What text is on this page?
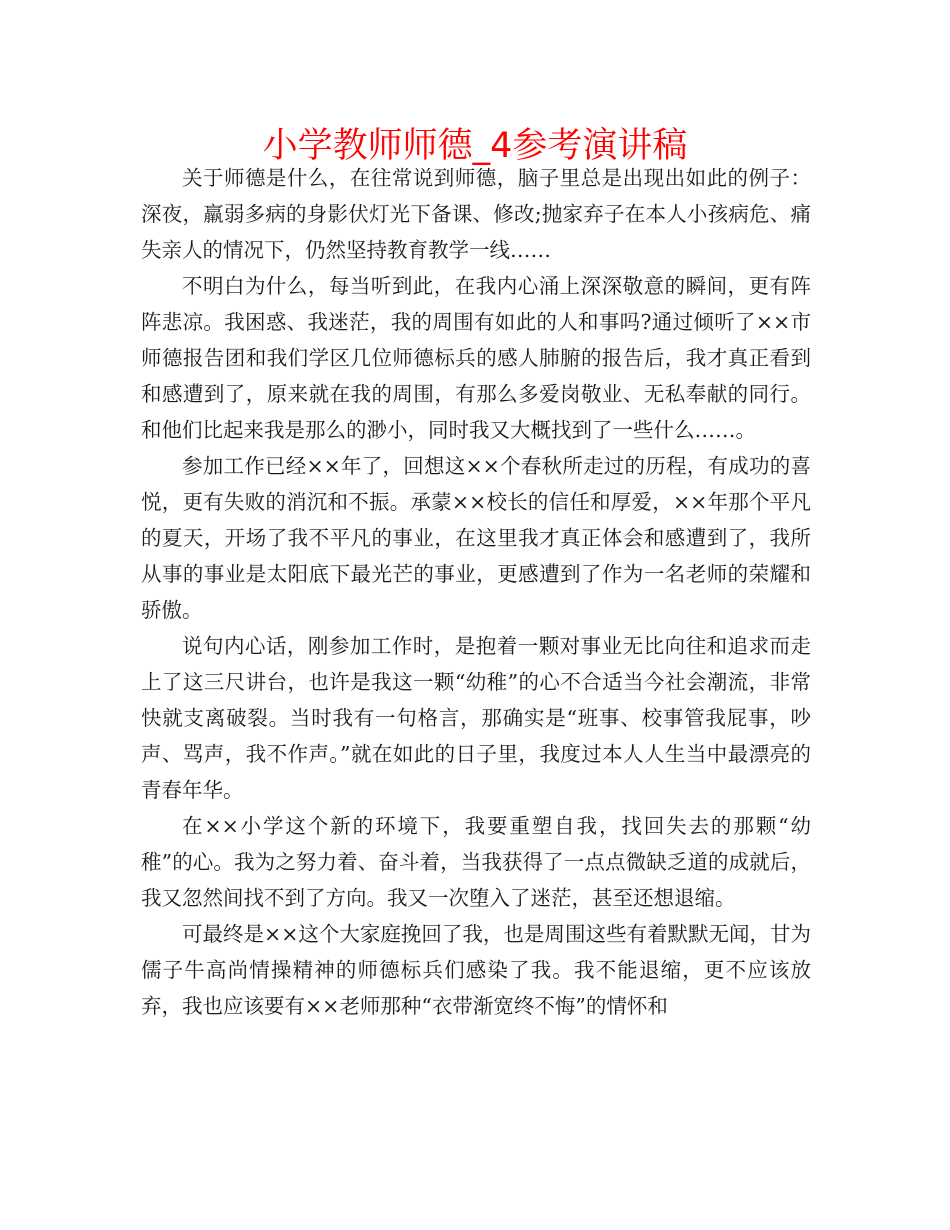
小学教师师德_4参考演讲稿

关于师德是什么，在往常说到师德，脑子里总是出现出如此的例子：深夜，羸弱多病的身影伏灯光下备课、修改;抛家弃子在本人小孩病危、痛失亲人的情况下，仍然坚持教育教学一线……

不明白为什么，每当听到此，在我内心涌上深深敬意的瞬间，更有阵阵悲凉。我困惑、我迷茫，我的周围有如此的人和事吗?通过倾听了××市师德报告团和我们学区几位师德标兵的感人肺腑的报告后，我才真正看到和感遭到了，原来就在我的周围，有那么多爱岗敬业、无私奉献的同行。和他们比起来我是那么的渺小，同时我又大概找到了一些什么……。

参加工作已经××年了，回想这××个春秋所走过的历程，有成功的喜悦，更有失败的消沉和不振。承蒙××校长的信任和厚爱，××年那个平凡的夏天，开场了我不平凡的事业，在这里我才真正体会和感遭到了，我所从事的事业是太阳底下最光芒的事业，更感遭到了作为一名老师的荣耀和骄傲。

说句内心话，刚参加工作时，是抱着一颗对事业无比向往和追求而走上了这三尺讲台，也许是我这一颗“幼稚”的心不合适当今社会潮流，非常快就支离破裂。当时我有一句格言，那确实是“班事、校事管我屁事，吵声、骂声，我不作声。”就在如此的日子里，我度过本人人生当中最漂亮的青春年华。

在××小学这个新的环境下，我要重塑自我，找回失去的那颗“幼稚”的心。我为之努力着、奋斗着，当我获得了一点点微缺乏道的成就后，我又忽然间找不到了方向。我又一次堕入了迷茫，甚至还想退缩。

可最终是××这个大家庭挽回了我，也是周围这些有着默默无闻，甘为儒子牛高尚情操精神的师德标兵们感染了我。我不能退缩，更不应该放弃，我也应该要有××老师那种“衣带渐宽终不悔”的情怀和
